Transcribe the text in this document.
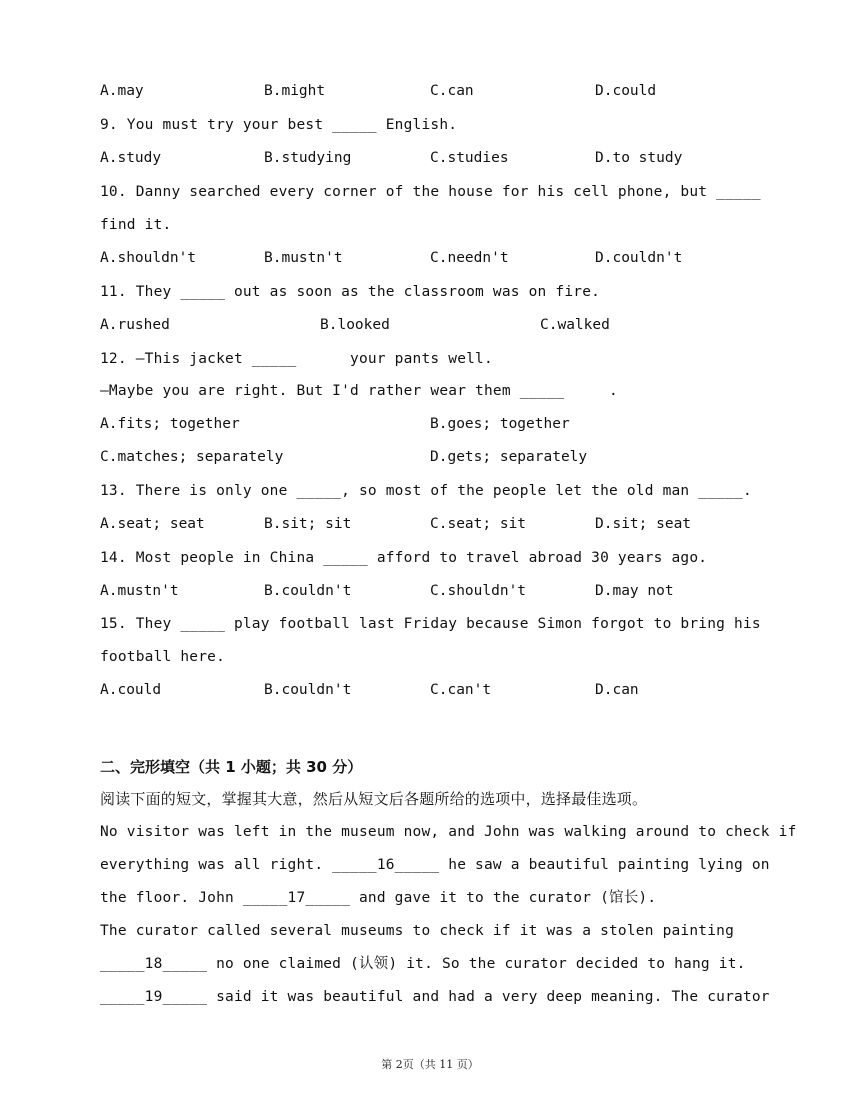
A.may	B.might	C.can	D.could
9. You must try your best _____ English.
A.study	B.studying	C.studies	D.to study
10. Danny searched every corner of the house for his cell phone, but _____
find it.
A.shouldn't	B.mustn't	C.needn't	D.couldn't
11. They _____ out as soon as the classroom was on fire.
A.rushed	B.looked	C.walked
12. —This jacket _____      your pants well.
—Maybe you are right. But I'd rather wear them _____     .
A.fits; together	B.goes; together
C.matches; separately	D.gets; separately
13. There is only one _____, so most of the people let the old man _____.
A.seat; seat	B.sit; sit	C.seat; sit	D.sit; seat
14. Most people in China _____ afford to travel abroad 30 years ago.
A.mustn't	B.couldn't	C.shouldn't	D.may not
15. They _____ play football last Friday because Simon forgot to bring his
football here.
A.could	B.couldn't	C.can't	D.can
二、完形填空（共 1 小题；共 30 分）
阅读下面的短文，掌握其大意，然后从短文后各题所给的选项中，选择最佳选项。
No visitor was left in the museum now, and John was walking around to check if
everything was all right. _____16_____ he saw a beautiful painting lying on
the floor. John _____17_____ and gave it to the curator (馆长).
The curator called several museums to check if it was a stolen painting
_____18_____ no one claimed (认领) it. So the curator decided to hang it.
_____19_____ said it was beautiful and had a very deep meaning. The curator
第 2页（共 11 页）
